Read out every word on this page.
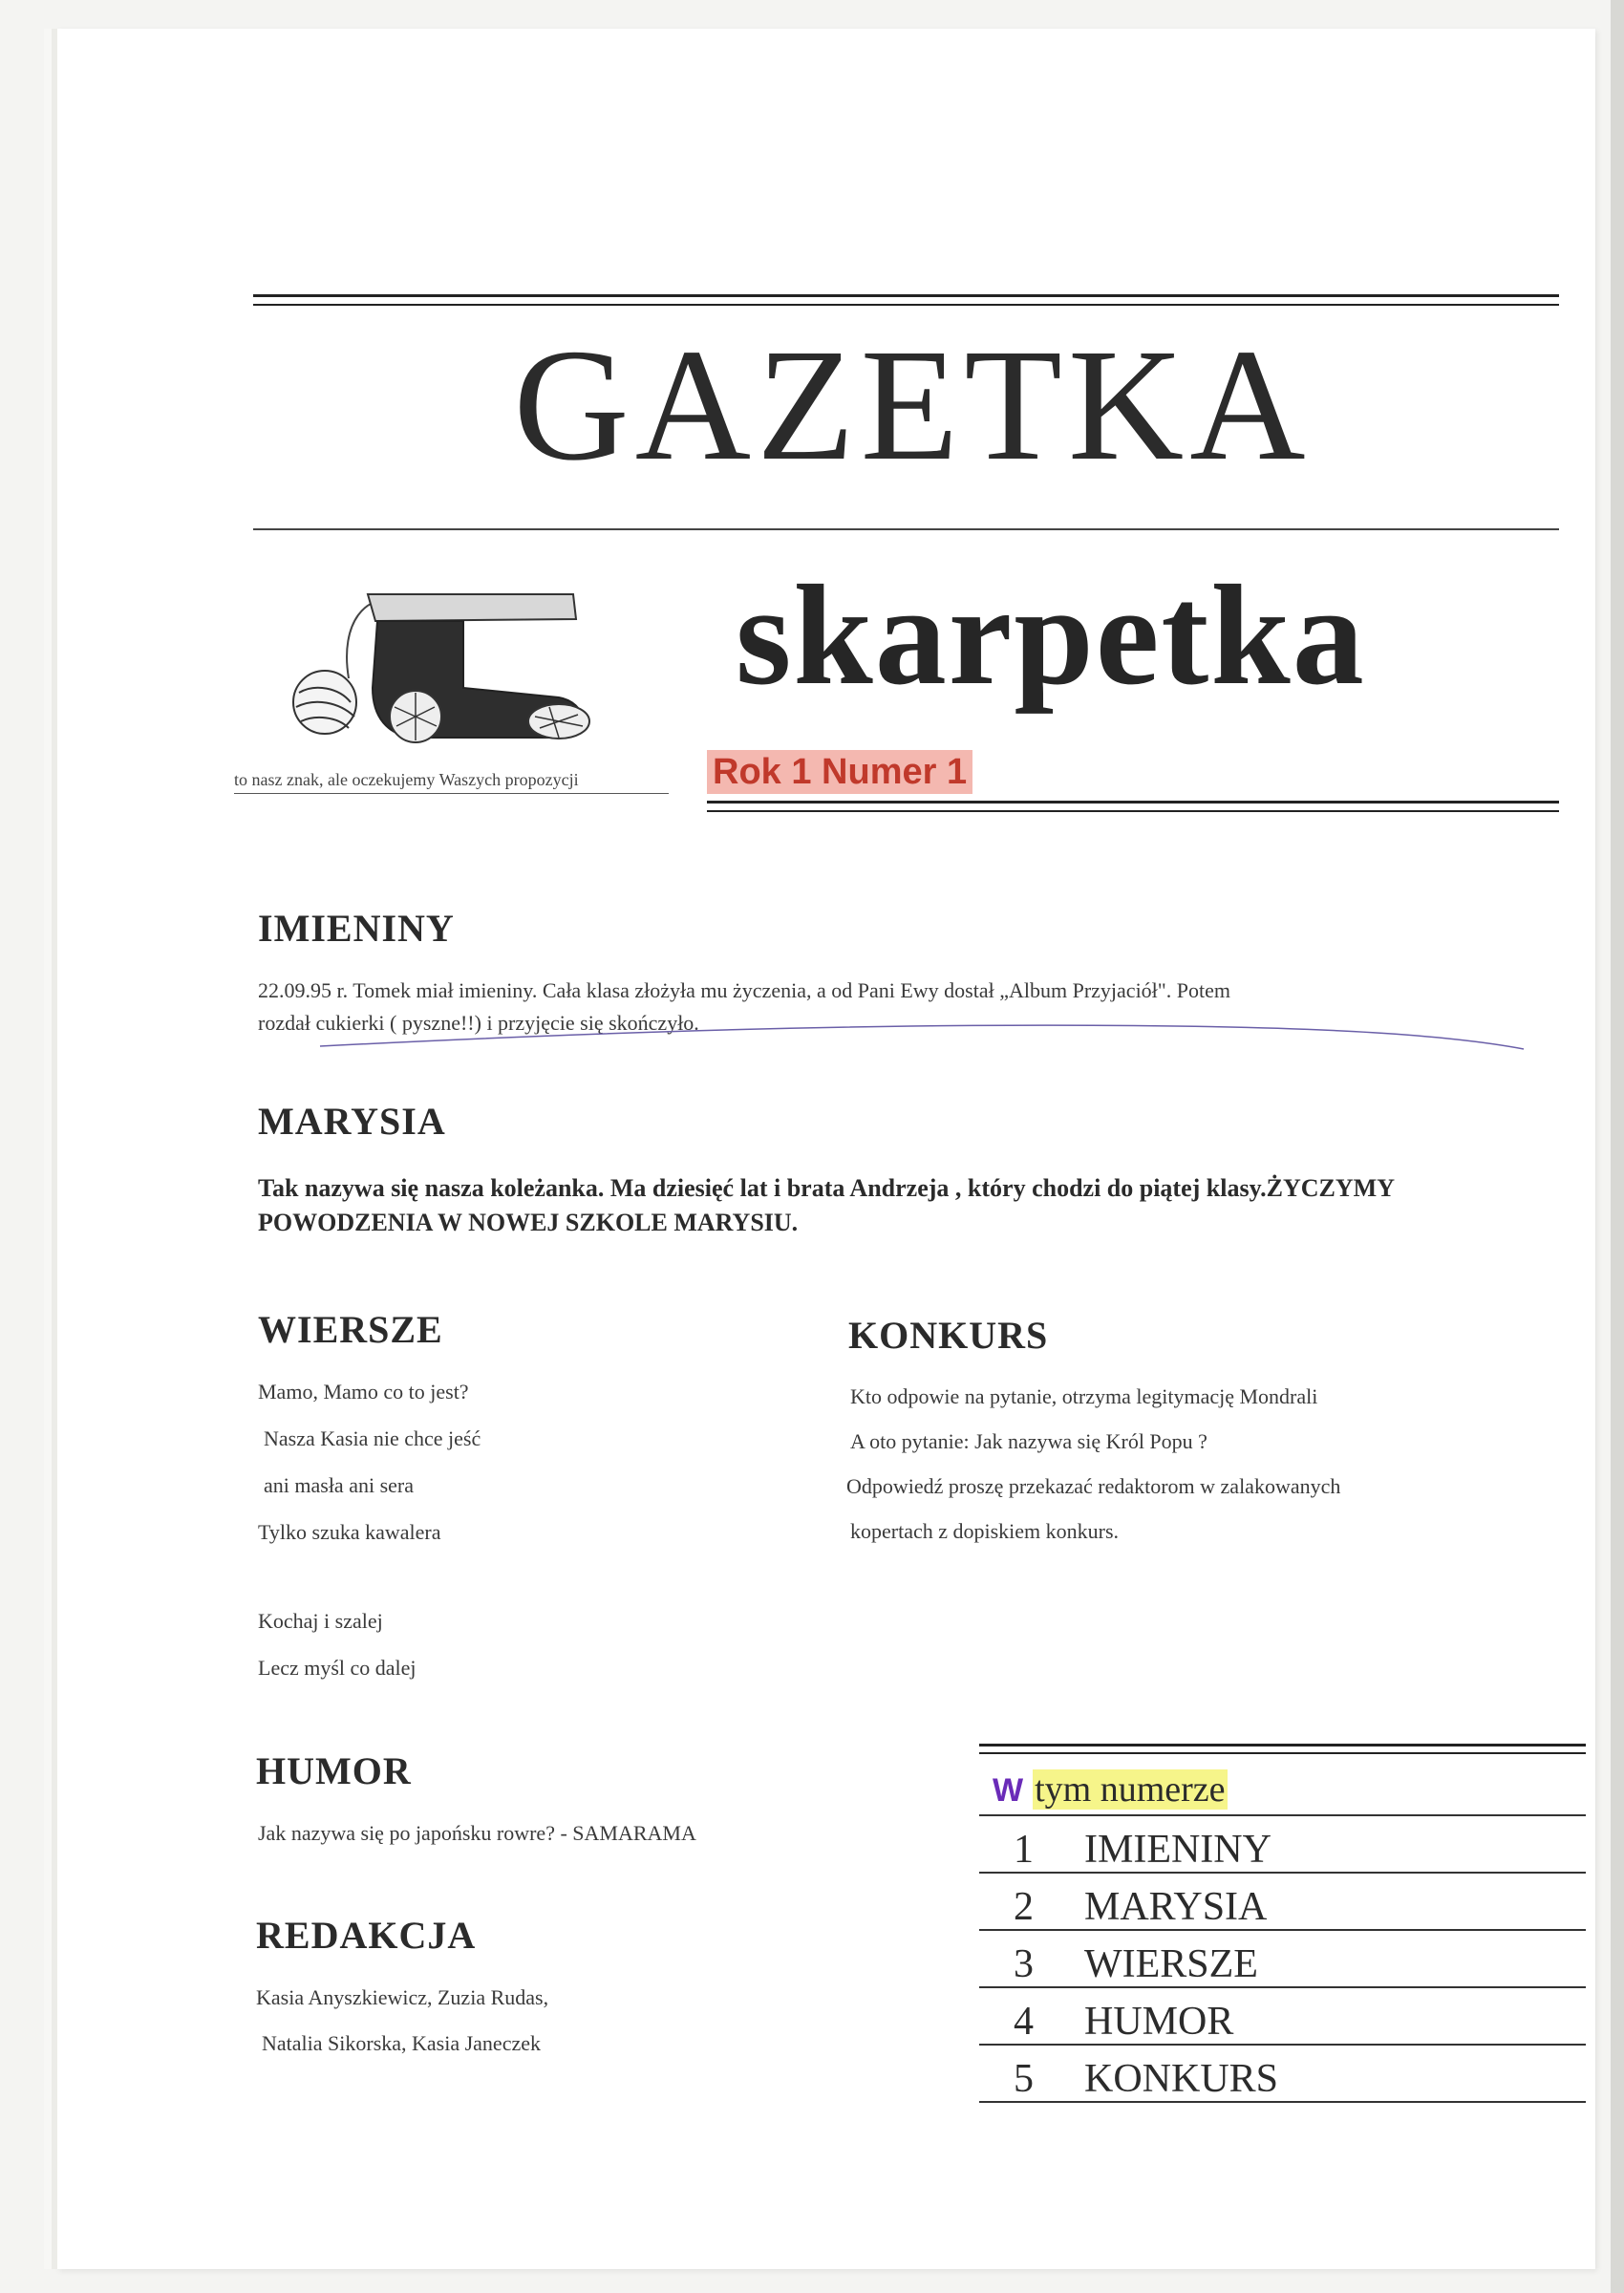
GAZETKA
skarpetka
to nasz znak, ale oczekujemy Waszych propozycji	Rok 1 Numer 1
IMIENINY
22.09.95 r. Tomek miał imieniny. Cała klasa złożyła mu życzenia, a od Pani Ewy dostał „Album Przyjaciół". Potem
rozdał cukierki ( pyszne!!) i przyjęcie się skończyło.
MARYSIA
Tak nazywa się nasza koleżanka. Ma dziesięć lat i brata Andrzeja , który chodzi do piątej klasy.ŻYCZYMY
POWODZENIA W NOWEJ SZKOLE MARYSIU.
WIERSZE
Mamo, Mamo co to jest?
Nasza Kasia nie chce jeść
ani masła ani sera
Tylko szuka kawalera
Kochaj i szalej
Lecz myśl co dalej
KONKURS
Kto odpowie na pytanie, otrzyma legitymację Mondrali
A oto pytanie: Jak nazywa się Król Popu ?
Odpowiedź proszę przekazać redaktorom w zalakowanych
kopertach z dopiskiem konkurs.
HUMOR
Jak nazywa się po japońsku rowre? - SAMARAMA
REDAKCJA
Kasia Anyszkiewicz, Zuzia Rudas,
Natalia Sikorska, Kasia Janeczek
W tym numerze
1 IMIENINY
2 MARYSIA
3 WIERSZE
4 HUMOR
5 KONKURS
